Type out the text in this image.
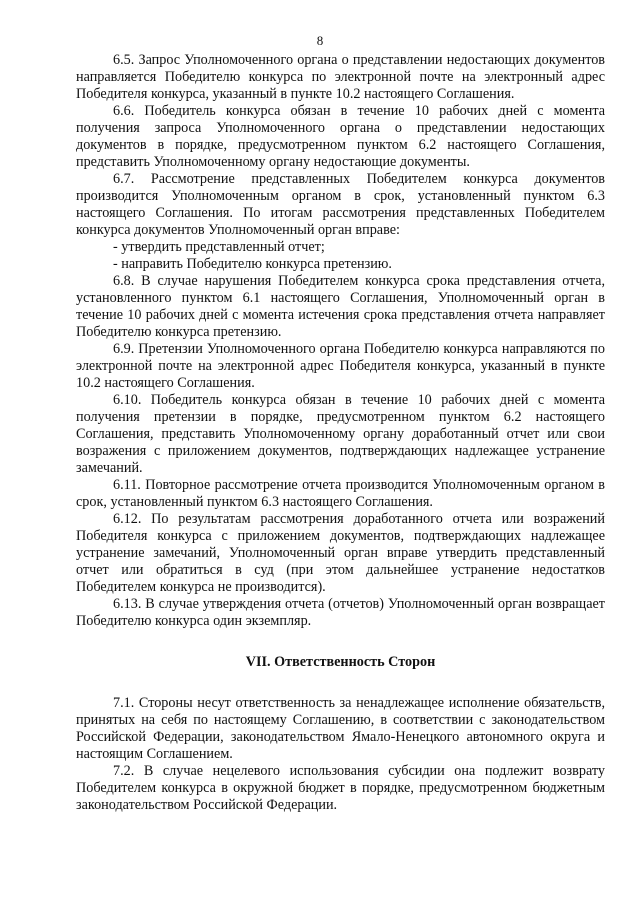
8

6.5. Запрос Уполномоченного органа о представлении недостающих документов направляется Победителю конкурса по электронной почте на электронный адрес Победителя конкурса, указанный в пункте 10.2 настоящего Соглашения.

6.6. Победитель конкурса обязан в течение 10 рабочих дней с момента получения запроса Уполномоченного органа о представлении недостающих документов в порядке, предусмотренном пунктом 6.2 настоящего Соглашения, представить Уполномоченному органу недостающие документы.

6.7. Рассмотрение представленных Победителем конкурса документов производится Уполномоченным органом в срок, установленный пунктом 6.3 настоящего Соглашения. По итогам рассмотрения представленных Победителем конкурса документов Уполномоченный орган вправе:

- утвердить представленный отчет;

- направить Победителю конкурса претензию.

6.8. В случае нарушения Победителем конкурса срока представления отчета, установленного пунктом 6.1 настоящего Соглашения, Уполномоченный орган в течение 10 рабочих дней с момента истечения срока представления отчета направляет Победителю конкурса претензию.

6.9. Претензии Уполномоченного органа Победителю конкурса направляются по электронной почте на электронной адрес Победителя конкурса, указанный в пункте 10.2 настоящего Соглашения.

6.10. Победитель конкурса обязан в течение 10 рабочих дней с момента получения претензии в порядке, предусмотренном пунктом 6.2 настоящего Соглашения, представить Уполномоченному органу доработанный отчет или свои возражения с приложением документов, подтверждающих надлежащее устранение замечаний.

6.11. Повторное рассмотрение отчета производится Уполномоченным органом в срок, установленный пунктом 6.3 настоящего Соглашения.

6.12. По результатам рассмотрения доработанного отчета или возражений Победителя конкурса с приложением документов, подтверждающих надлежащее устранение замечаний, Уполномоченный орган вправе утвердить представленный отчет или обратиться в суд (при этом дальнейшее устранение недостатков Победителем конкурса не производится).

6.13. В случае утверждения отчета (отчетов) Уполномоченный орган возвращает Победителю конкурса один экземпляр.

VII. Ответственность Сторон

7.1. Стороны несут ответственность за ненадлежащее исполнение обязательств, принятых на себя по настоящему Соглашению, в соответствии с законодательством Российской Федерации, законодательством Ямало-Ненецкого автономного округа и настоящим Соглашением.

7.2. В случае нецелевого использования субсидии она подлежит возврату Победителем конкурса в окружной бюджет в порядке, предусмотренном бюджетным законодательством Российской Федерации.
